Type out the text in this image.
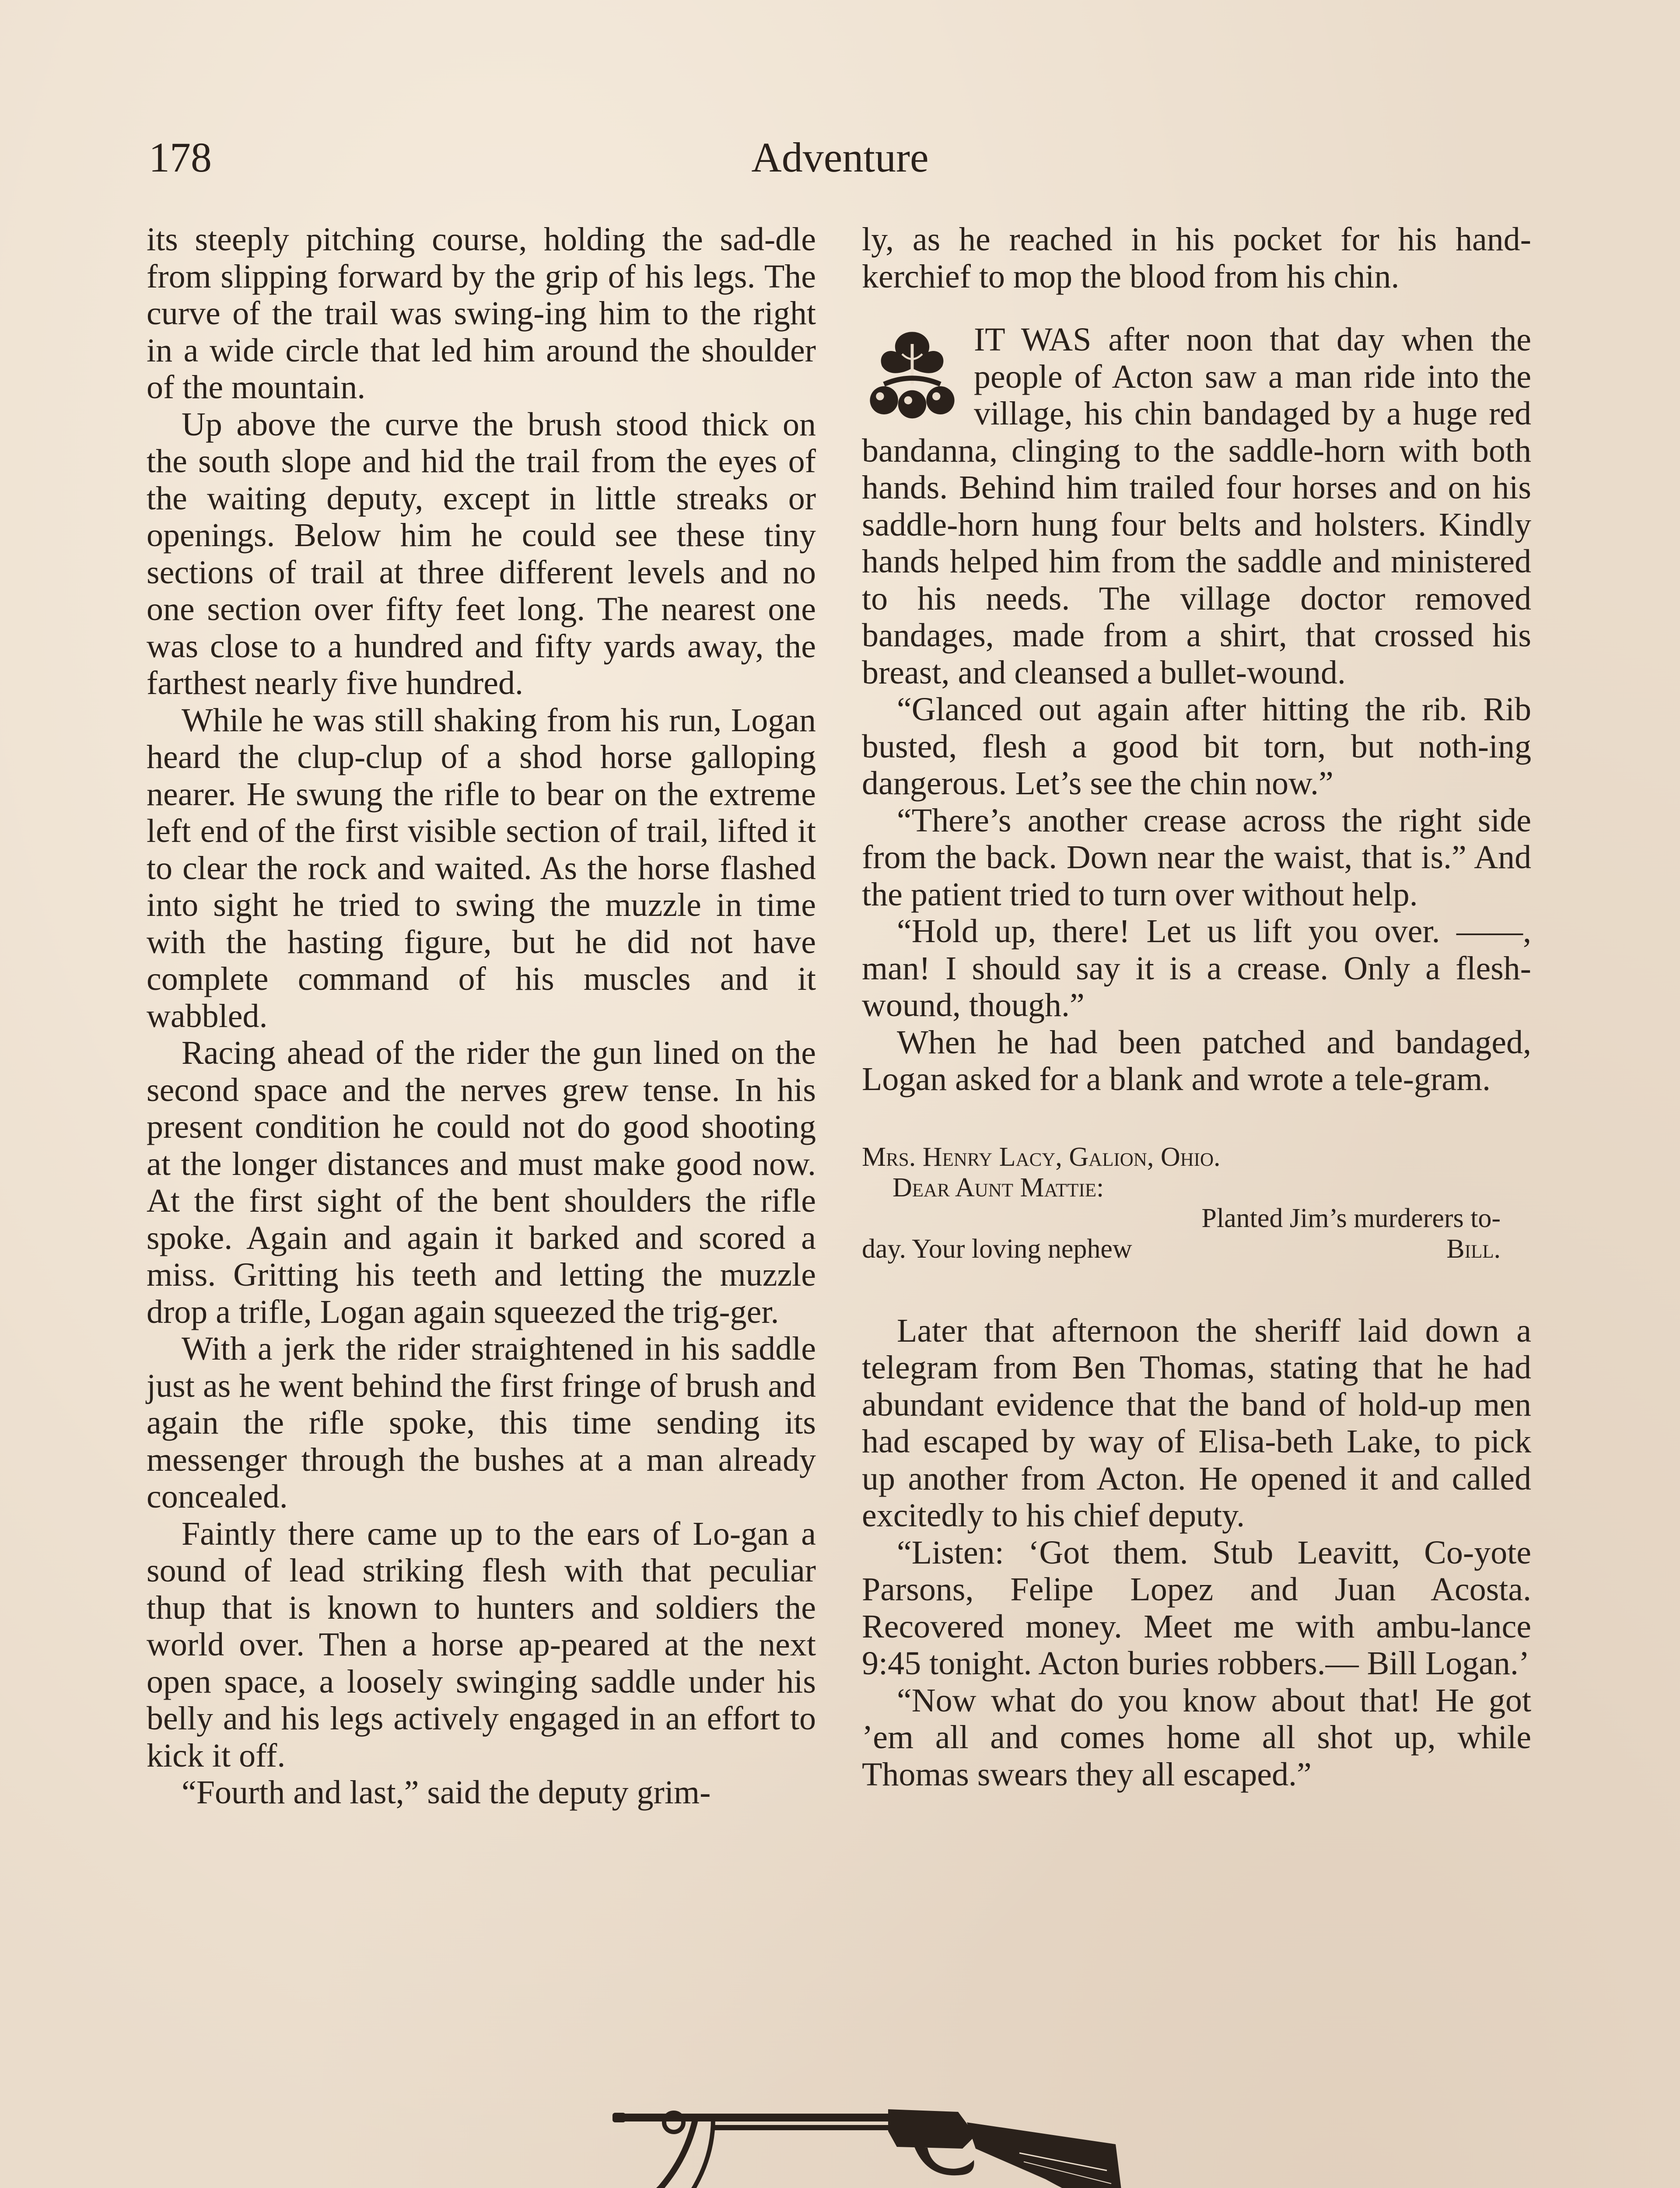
178	Adventure

its steeply pitching course, holding the sad-dle from slipping forward by the grip of his legs. The curve of the trail was swing-ing him to the right in a wide circle that led him around the shoulder of the mountain.

Up above the curve the brush stood thick on the south slope and hid the trail from the eyes of the waiting deputy, except in little streaks or openings. Below him he could see these tiny sections of trail at three different levels and no one section over fifty feet long. The nearest one was close to a hundred and fifty yards away, the farthest nearly five hundred.

While he was still shaking from his run, Logan heard the clup-clup of a shod horse galloping nearer. He swung the rifle to bear on the extreme left end of the first visible section of trail, lifted it to clear the rock and waited. As the horse flashed into sight he tried to swing the muzzle in time with the hasting figure, but he did not have complete command of his muscles and it wabbled.

Racing ahead of the rider the gun lined on the second space and the nerves grew tense. In his present condition he could not do good shooting at the longer distances and must make good now. At the first sight of the bent shoulders the rifle spoke. Again and again it barked and scored a miss. Gritting his teeth and letting the muzzle drop a trifle, Logan again squeezed the trig-ger.

With a jerk the rider straightened in his saddle just as he went behind the first fringe of brush and again the rifle spoke, this time sending its messenger through the bushes at a man already concealed.

Faintly there came up to the ears of Lo-gan a sound of lead striking flesh with that peculiar thup that is known to hunters and soldiers the world over. Then a horse ap-peared at the next open space, a loosely swinging saddle under his belly and his legs actively engaged in an effort to kick it off.

“Fourth and last,” said the deputy grim-

ly, as he reached in his pocket for his hand-kerchief to mop the blood from his chin.

IT WAS after noon that day when the people of Acton saw a man ride into the village, his chin bandaged by a huge red bandanna, clinging to the saddle-horn with both hands. Behind him trailed four horses and on his saddle-horn hung four belts and holsters. Kindly hands helped him from the saddle and ministered to his needs. The village doctor removed bandages, made from a shirt, that crossed his breast, and cleansed a bullet-wound.

“Glanced out again after hitting the rib. Rib busted, flesh a good bit torn, but noth-ing dangerous. Let’s see the chin now.”

“There’s another crease across the right side from the back. Down near the waist, that is.” And the patient tried to turn over without help.

“Hold up, there! Let us lift you over. ——, man! I should say it is a crease. Only a flesh-wound, though.”

When he had been patched and bandaged, Logan asked for a blank and wrote a tele-gram.

Mrs. Henry Lacy, Galion, Ohio.
Dear Aunt Mattie:
Planted Jim’s murderers to-
day. Your loving nephew	Bill.

Later that afternoon the sheriff laid down a telegram from Ben Thomas, stating that he had abundant evidence that the band of hold-up men had escaped by way of Elisa-beth Lake, to pick up another from Acton. He opened it and called excitedly to his chief deputy.

“Listen: ‘Got them. Stub Leavitt, Co-yote Parsons, Felipe Lopez and Juan Acosta. Recovered money. Meet me with ambu-lance 9:45 tonight. Acton buries robbers.— Bill Logan.’

“Now what do you know about that! He got ’em all and comes home all shot up, while Thomas swears they all escaped.”
